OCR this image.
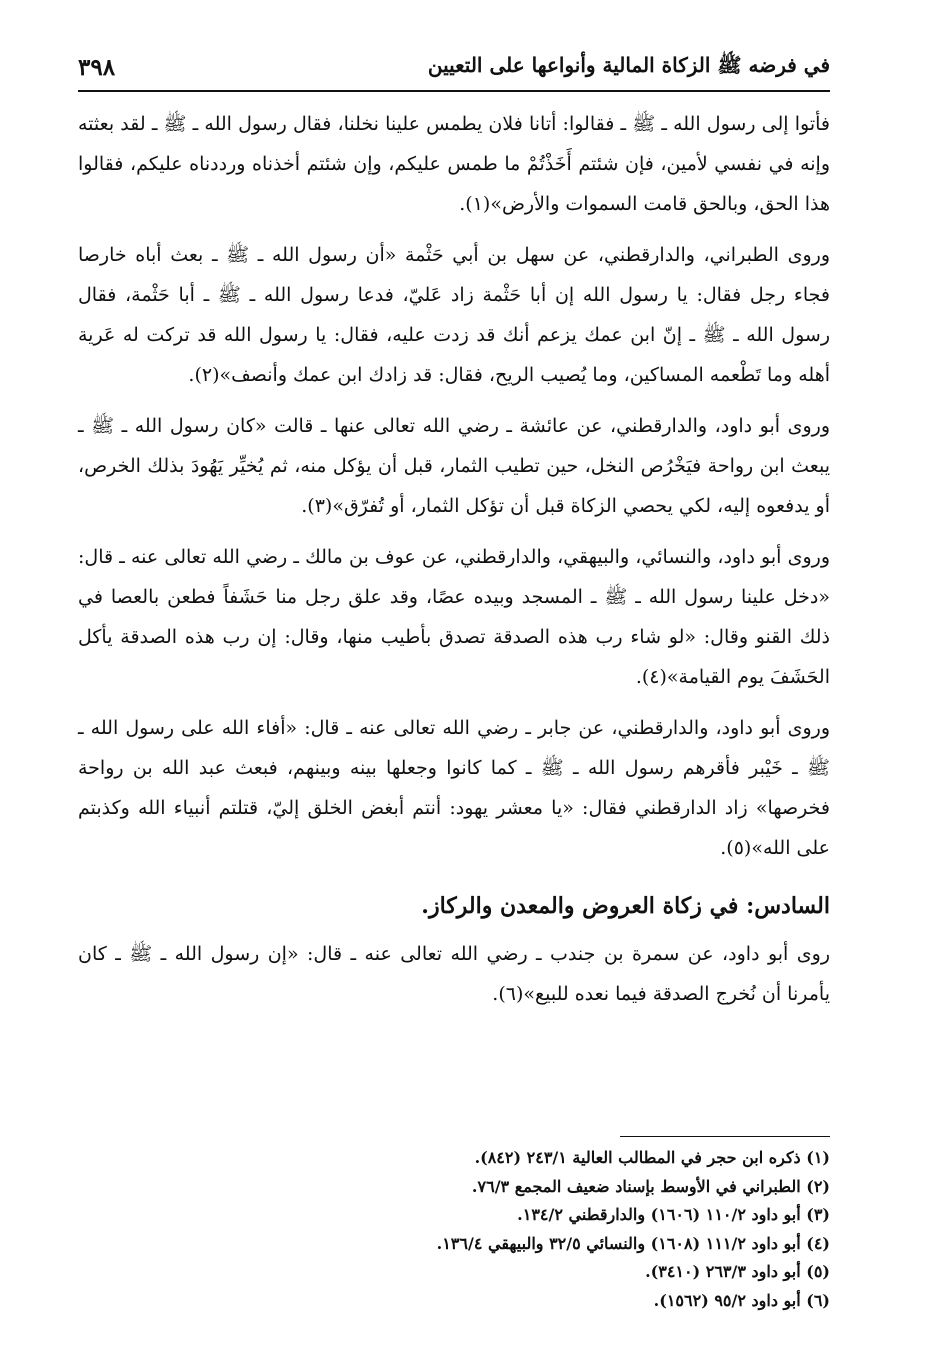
في فرضه ﷺ الزكاة المالية وأنواعها على التعيين
٣٩٨

فأتوا إلى رسول الله ـ ﷺ ـ فقالوا: أتانا فلان يطمس علينا نخلنا، فقال رسول الله ـ ﷺ ـ لقد بعثته وإنه في نفسي لأمين، فإن شئتم أَخَذْتُمْ ما طمس عليكم، وإن شئتم أخذناه ورددناه عليكم، فقالوا هذا الحق، وبالحق قامت السموات والأرض»(١).

وروى الطبراني، والدارقطني، عن سهل بن أبي حَثْمة «أن رسول الله ـ ﷺ ـ بعث أباه خارصا فجاء رجل فقال: يا رسول الله إن أبا حَثْمة زاد عَليّ، فدعا رسول الله ـ ﷺ ـ أبا حَثْمة، فقال رسول الله ـ ﷺ ـ إنّ ابن عمك يزعم أنك قد زدت عليه، فقال: يا رسول الله قد تركت له عَرية أهله وما تَطْعمه المساكين، وما يُصيب الريح، فقال: قد زادك ابن عمك وأنصف»(٢).

وروى أبو داود، والدارقطني، عن عائشة ـ رضي الله تعالى عنها ـ قالت «كان رسول الله ـ ﷺ ـ يبعث ابن رواحة فيَخْرُص النخل، حين تطيب الثمار، قبل أن يؤكل منه، ثم يُخيِّر يَهُودَ بذلك الخرص، أو يدفعوه إليه، لكي يحصي الزكاة قبل أن تؤكل الثمار، أو تُفرّق»(٣).

وروى أبو داود، والنسائي، والبيهقي، والدارقطني، عن عوف بن مالك ـ رضي الله تعالى عنه ـ قال: «دخل علينا رسول الله ـ ﷺ ـ المسجد وبيده عصًا، وقد علق رجل منا حَشَفاً فطعن بالعصا في ذلك القنو وقال: «لو شاء رب هذه الصدقة تصدق بأطيب منها، وقال: إن رب هذه الصدقة يأكل الحَشَفَ يوم القيامة»(٤).

وروى أبو داود، والدارقطني، عن جابر ـ رضي الله تعالى عنه ـ قال: «أفاء الله على رسول الله ـ ﷺ ـ خَيْبر فأقرهم رسول الله ـ ﷺ ـ كما كانوا وجعلها بينه وبينهم، فبعث عبد الله بن رواحة فخرصها» زاد الدارقطني فقال: «يا معشر يهود: أنتم أبغض الخلق إليّ، قتلتم أنبياء الله وكذبتم على الله»(٥).

السادس: في زكاة العروض والمعدن والركاز.

روى أبو داود، عن سمرة بن جندب ـ رضي الله تعالى عنه ـ قال: «إن رسول الله ـ ﷺ ـ كان يأمرنا أن نُخرج الصدقة فيما نعده للبيع»(٦).

(١) ذكره ابن حجر في المطالب العالية ٢٤٣/١ (٨٤٢).

(٢) الطبراني في الأوسط بإسناد ضعيف المجمع ٧٦/٣.

(٣) أبو داود ١١٠/٢ (١٦٠٦) والدارقطني ١٣٤/٢.

(٤) أبو داود ١١١/٢ (١٦٠٨) والنسائي ٣٢/٥ والبيهقي ١٣٦/٤.

(٥) أبو داود ٢٦٣/٣ (٣٤١٠).

(٦) أبو داود ٩٥/٢ (١٥٦٢).
